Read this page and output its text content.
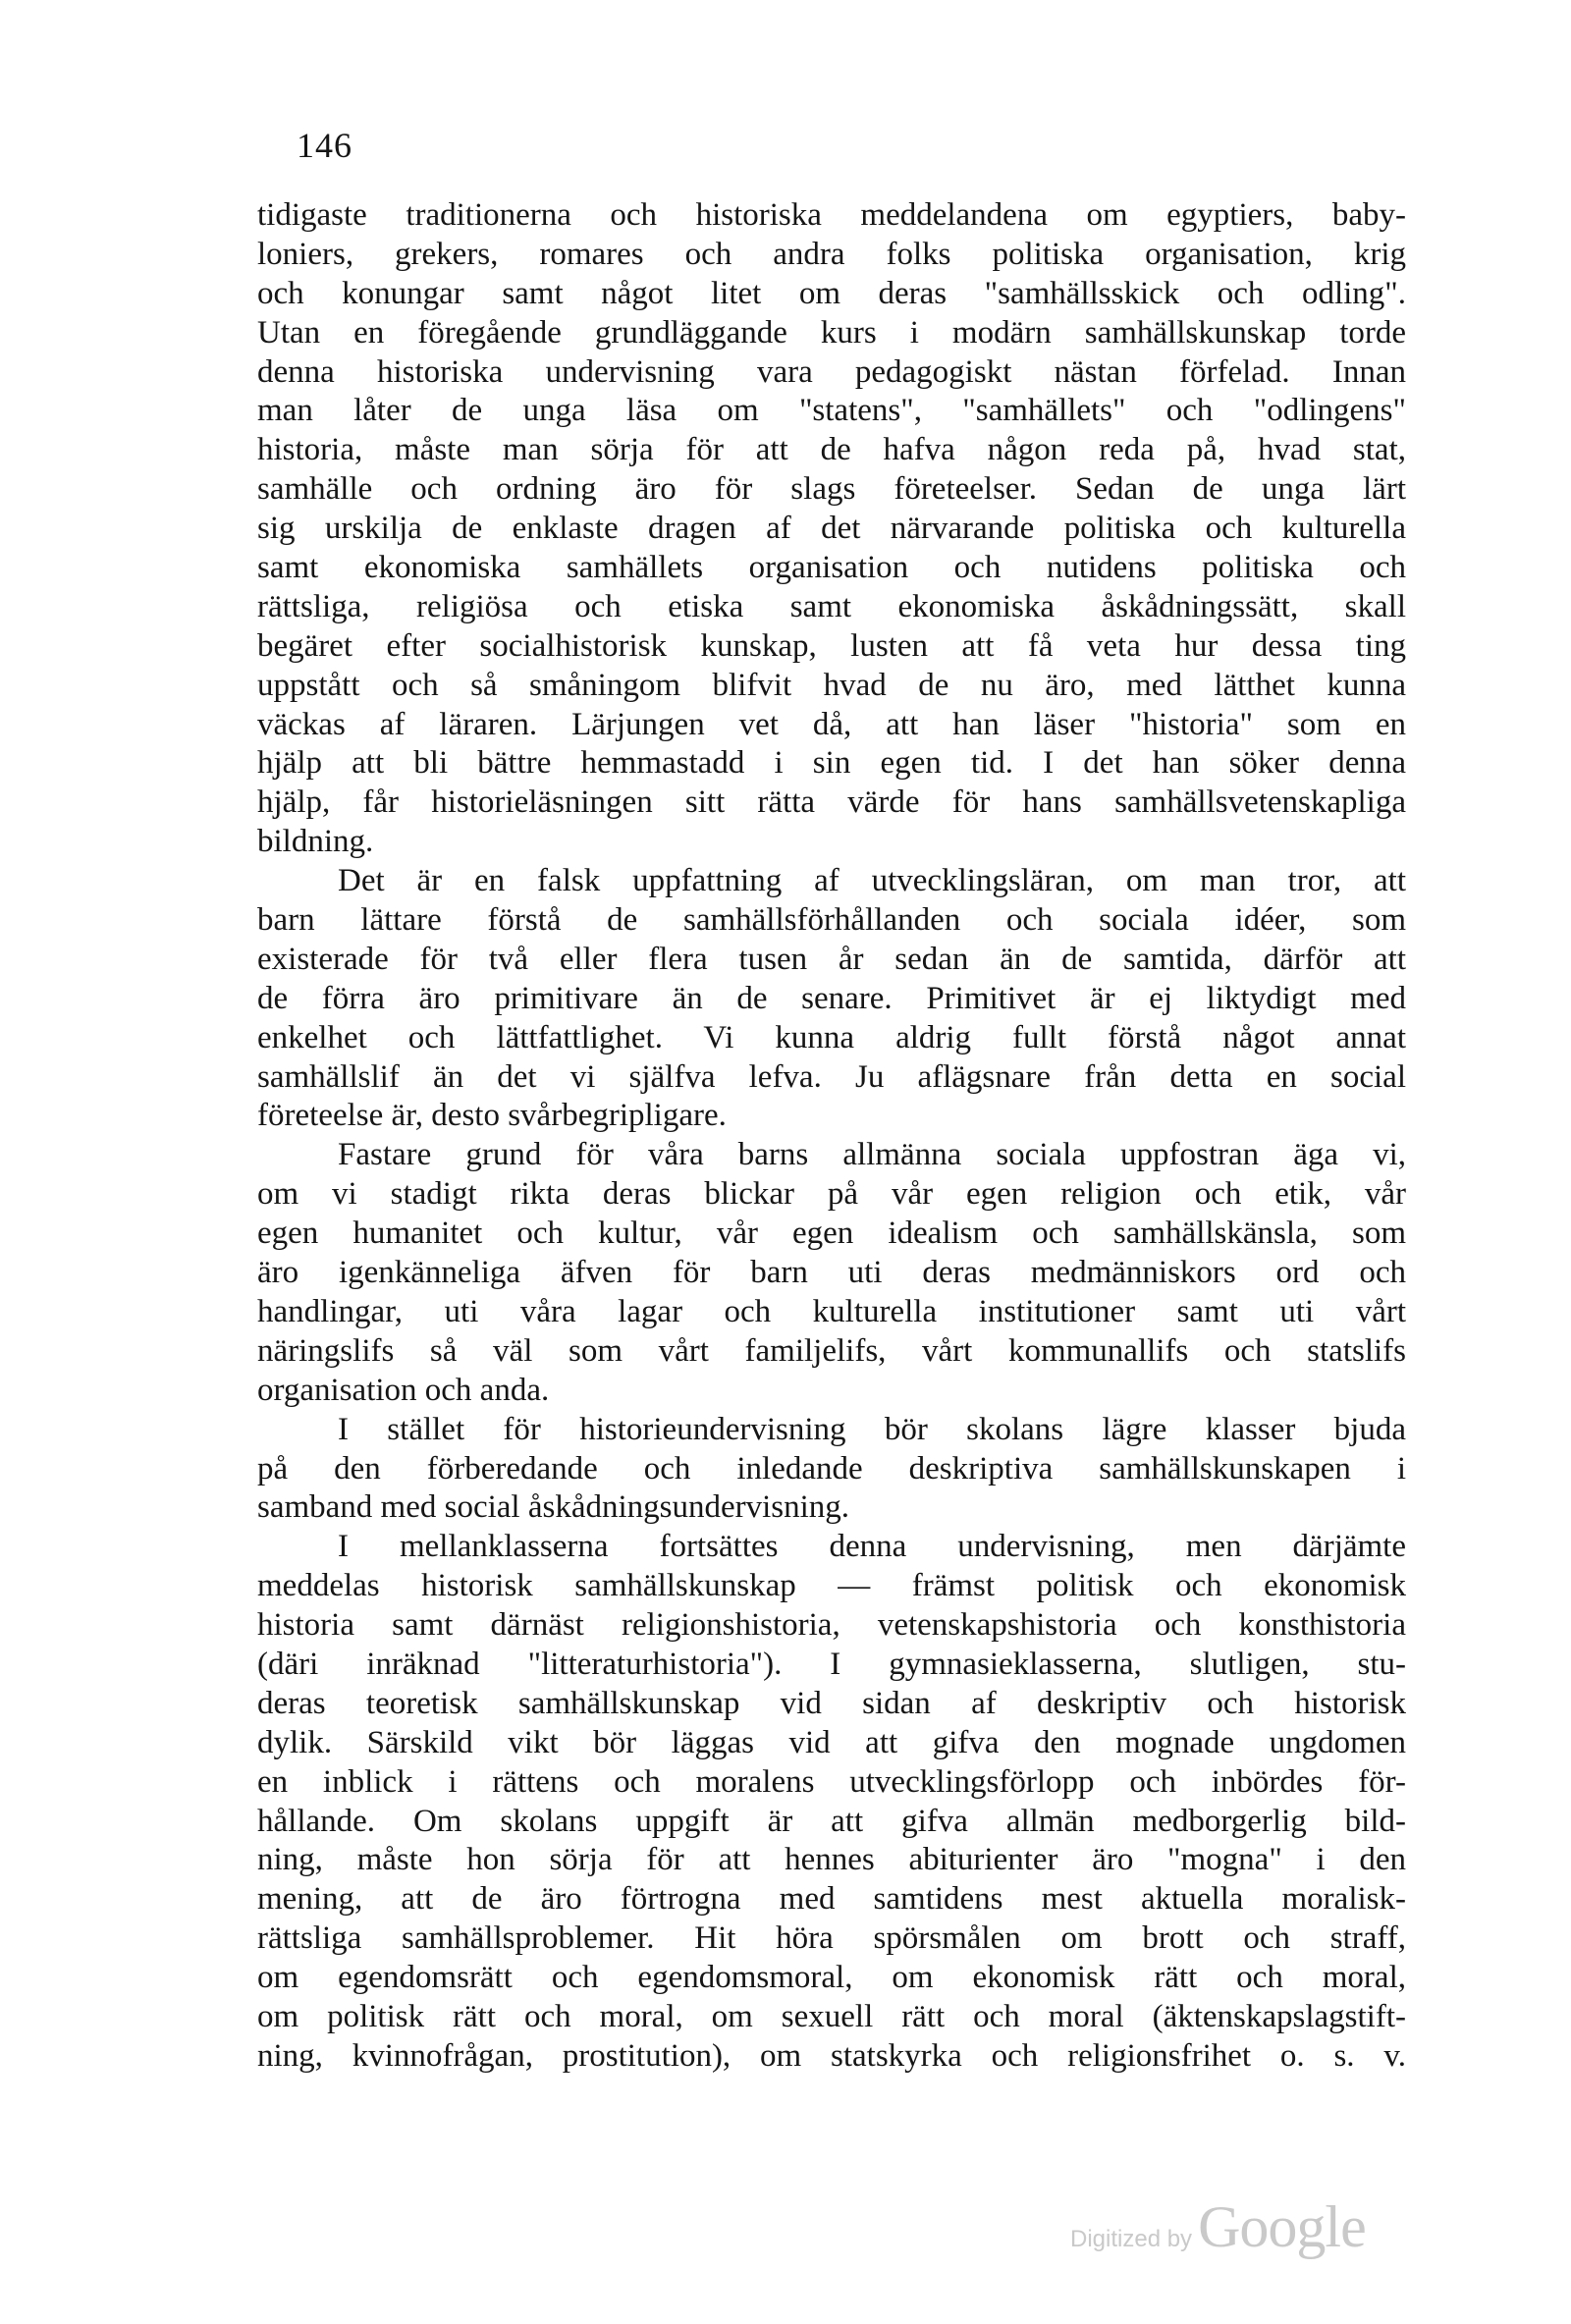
146
tidigaste traditionerna och historiska meddelandena om egyptiers, baby-
loniers, grekers, romares och andra folks politiska organisation, krig
och konungar samt något litet om deras "samhällsskick och odling".
Utan en föregående grundläggande kurs i modärn samhällskunskap torde
denna historiska undervisning vara pedagogiskt nästan förfelad. Innan
man låter de unga läsa om "statens", "samhällets" och "odlingens"
historia, måste man sörja för att de hafva någon reda på, hvad stat,
samhälle och ordning äro för slags företeelser. Sedan de unga lärt
sig urskilja de enklaste dragen af det närvarande politiska och kulturella
samt ekonomiska samhällets organisation och nutidens politiska och
rättsliga, religiösa och etiska samt ekonomiska åskådningssätt, skall
begäret efter socialhistorisk kunskap, lusten att få veta hur dessa ting
uppstått och så småningom blifvit hvad de nu äro, med lätthet kunna
väckas af läraren. Lärjungen vet då, att han läser "historia" som en
hjälp att bli bättre hemmastadd i sin egen tid. I det han söker denna
hjälp, får historieläsningen sitt rätta värde för hans samhällsvetenskapliga
bildning.
Det är en falsk uppfattning af utvecklingsläran, om man tror, att
barn lättare förstå de samhällsförhållanden och sociala idéer, som
existerade för två eller flera tusen år sedan än de samtida, därför att
de förra äro primitivare än de senare. Primitivet är ej liktydigt med
enkelhet och lättfattlighet. Vi kunna aldrig fullt förstå något annat
samhällslif än det vi själfva lefva. Ju aflägsnare från detta en social
företeelse är, desto svårbegripligare.
Fastare grund för våra barns allmänna sociala uppfostran äga vi,
om vi stadigt rikta deras blickar på vår egen religion och etik, vår
egen humanitet och kultur, vår egen idealism och samhällskänsla, som
äro igenkänneliga äfven för barn uti deras medmänniskors ord och
handlingar, uti våra lagar och kulturella institutioner samt uti vårt
näringslifs så väl som vårt familjelifs, vårt kommunallifs och statslifs
organisation och anda.
I stället för historieundervisning bör skolans lägre klasser bjuda
på den förberedande och inledande deskriptiva samhällskunskapen i
samband med social åskådningsundervisning.
I mellanklasserna fortsättes denna undervisning, men därjämte
meddelas historisk samhällskunskap — främst politisk och ekonomisk
historia samt därnäst religionshistoria, vetenskapshistoria och konsthistoria
(däri inräknad "litteraturhistoria"). I gymnasieklasserna, slutligen, stu-
deras teoretisk samhällskunskap vid sidan af deskriptiv och historisk
dylik. Särskild vikt bör läggas vid att gifva den mognade ungdomen
en inblick i rättens och moralens utvecklingsförlopp och inbördes för-
hållande. Om skolans uppgift är att gifva allmän medborgerlig bild-
ning, måste hon sörja för att hennes abiturienter äro "mogna" i den
mening, att de äro förtrogna med samtidens mest aktuella moralisk-
rättsliga samhällsproblemer. Hit höra spörsmålen om brott och straff,
om egendomsrätt och egendomsmoral, om ekonomisk rätt och moral,
om politisk rätt och moral, om sexuell rätt och moral (äktenskapslagstift-
ning, kvinnofrågan, prostitution), om statskyrka och religionsfrihet o. s. v.
Digitized by Google
